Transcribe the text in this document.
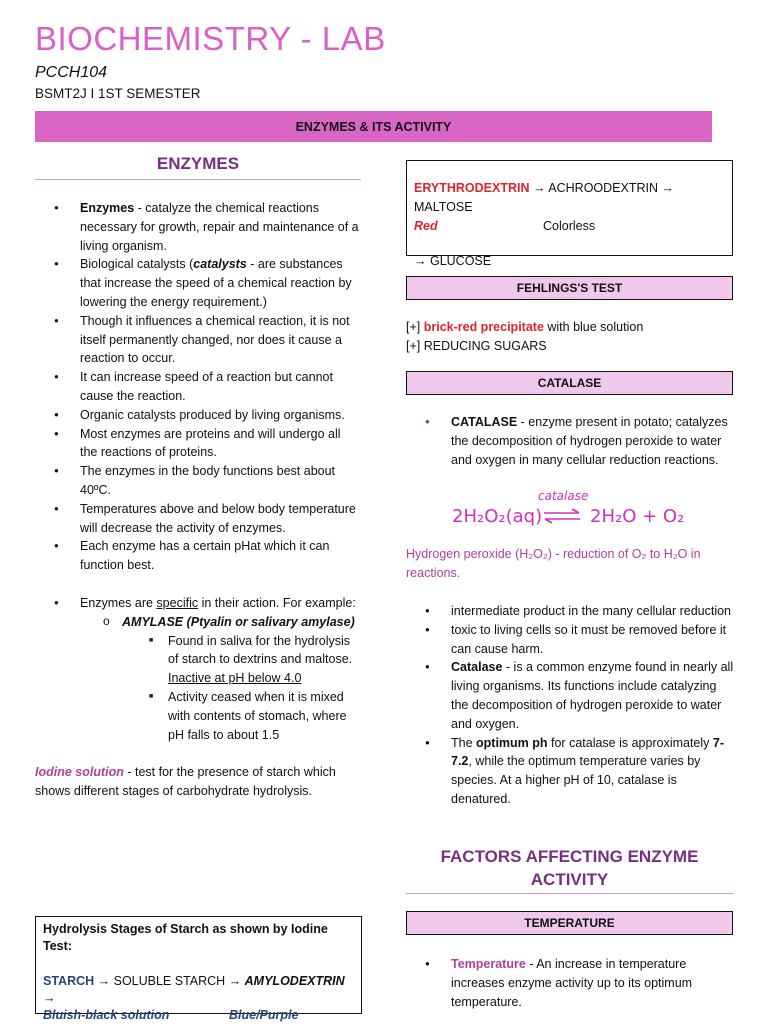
BIOCHEMISTRY - LAB
PCCH104
BSMT2J I 1ST SEMESTER
ENZYMES & ITS ACTIVITY
ENZYMES
● Enzymes - catalyze the chemical reactions necessary for growth, repair and maintenance of a living organism.
● Biological catalysts (catalysts - are substances that increase the speed of a chemical reaction by lowering the energy requirement.)
● Though it influences a chemical reaction, it is not itself permanently changed, nor does it cause a reaction to occur.
● It can increase speed of a reaction but cannot cause the reaction.
● Organic catalysts produced by living organisms.
● Most enzymes are proteins and will undergo all the reactions of proteins.
● The enzymes in the body functions best about 40ºC.
● Temperatures above and below body temperature will decrease the activity of enzymes.
● Each enzyme has a certain pHat which it can function best.
● Enzymes are specific in their action. For example:
o AMYLASE (Ptyalin or salivary amylase)
■ Found in saliva for the hydrolysis of starch to dextrins and maltose. Inactive at pH below 4.0
■ Activity ceased when it is mixed with contents of stomach, where pH falls to about 1.5
Iodine solution - test for the presence of starch which shows different stages of carbohydrate hydrolysis.
Hydrolysis Stages of Starch as shown by Iodine Test:
STARCH → SOLUBLE STARCH → AMYLODEXTRIN →
Bluish-black solution	Blue/Purple
ERYTHRODEXTRIN → ACHROODEXTRIN → MALTOSE
Red	Colorless
→ GLUCOSE
FEHLINGS'S TEST
[+] brick-red precipitate with blue solution
[+] REDUCING SUGARS
CATALASE
● CATALASE - enzyme present in potato; catalyzes the decomposition of hydrogen peroxide to water and oxygen in many cellular reduction reactions.
catalase
2H₂O₂(aq) ⇌ 2H₂O + O₂
Hydrogen peroxide (H₂O₂) - reduction of O₂ to H₂O in reactions.
● intermediate product in the many cellular reduction
● toxic to living cells so it must be removed before it can cause harm.
● Catalase - is a common enzyme found in nearly all living organisms. Its functions include catalyzing the decomposition of hydrogen peroxide to water and oxygen.
● The optimum ph for catalase is approximately 7-7.2, while the optimum temperature varies by species. At a higher pH of 10, catalase is denatured.
FACTORS AFFECTING ENZYME
ACTIVITY
TEMPERATURE
● Temperature - An increase in temperature increases enzyme activity up to its optimum temperature.
